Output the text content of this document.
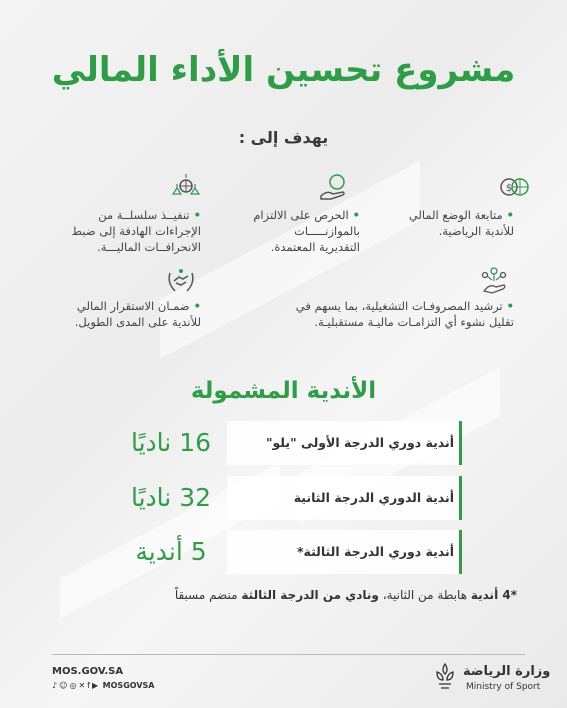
مشروع تحسين الأداء المالي
يهدف إلى :
$
•متابعة الوضع المالي
للأندية الرياضية.
•الحرص على الالتزام
بالموازنـــــات
التقديرية المعتمدة.
•تنفيــذ سلسلــة من
الإجراءات الهادفة إلى ضبط
الانحرافــات الماليـــة.
•ترشيد المصروفـات التشغيلية، بما يسهم في
تقليل نشوء أي التزامـات ماليـة مستقبليـة.
•ضمـان الاستقرار المالي
للأندية على المدى الطويل.
الأندية المشمولة
أندية دوري الدرجة الأولى "يلو"
16 ناديًا
أندية الدوري الدرجة الثانية
32 ناديًا
أندية دوري الدرجة الثالثة*
5 أندية
*4 أندية هابطة من الثانية، ونادي من الدرجة الثالثة منضم مسبقاً
MOS.GOV.SA
♪ ☺ ◎ ✕ f ▶ MOSGOVSA
وزارة الرياضة
Ministry of Sport
